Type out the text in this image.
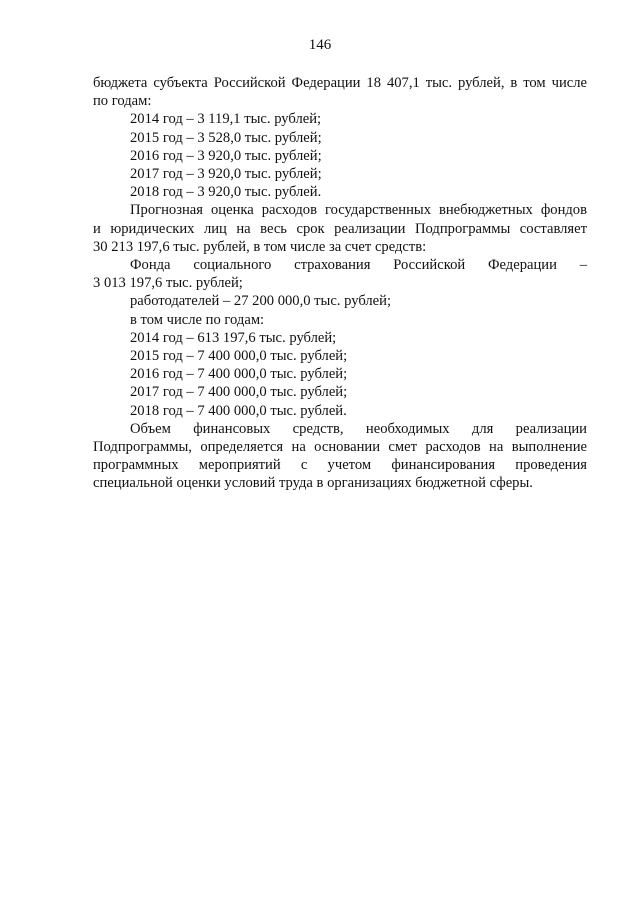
146
бюджета субъекта Российской Федерации 18 407,1 тыс. рублей, в том числе
по годам:
2014 год – 3 119,1 тыс. рублей;
2015 год – 3 528,0 тыс. рублей;
2016 год – 3 920,0 тыс. рублей;
2017 год – 3 920,0 тыс. рублей;
2018 год – 3 920,0 тыс. рублей.
Прогнозная оценка расходов государственных внебюджетных фондов
и юридических лиц на весь срок реализации Подпрограммы составляет
30 213 197,6 тыс. рублей, в том числе за счет средств:
Фонда социального страхования Российской Федерации –
3 013 197,6 тыс. рублей;
работодателей – 27 200 000,0 тыс. рублей;
в том числе по годам:
2014 год – 613 197,6 тыс. рублей;
2015 год – 7 400 000,0 тыс. рублей;
2016 год – 7 400 000,0 тыс. рублей;
2017 год – 7 400 000,0 тыс. рублей;
2018 год – 7 400 000,0 тыс. рублей.
Объем финансовых средств, необходимых для реализации
Подпрограммы, определяется на основании смет расходов на выполнение
программных мероприятий с учетом финансирования проведения
специальной оценки условий труда в организациях бюджетной сферы.
